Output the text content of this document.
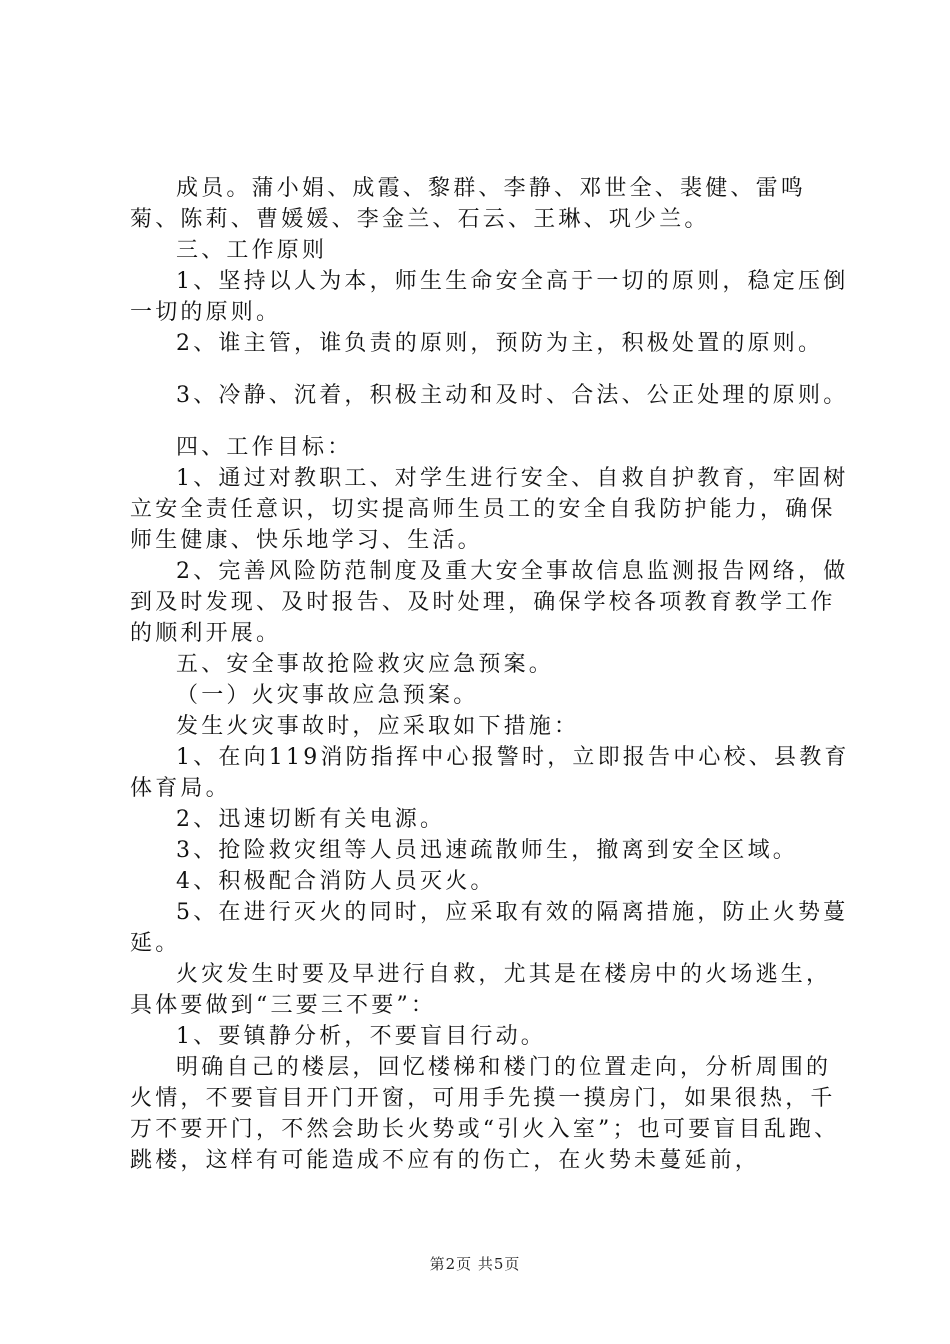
成员。蒲小娟、成霞、黎群、李静、邓世全、裴健、雷鸣菊、陈莉、曹媛媛、李金兰、石云、王琳、巩少兰。

三、工作原则

1、坚持以人为本，师生生命安全高于一切的原则，稳定压倒一切的原则。

2、谁主管，谁负责的原则，预防为主，积极处置的原则。

3、冷静、沉着，积极主动和及时、合法、公正处理的原则。

四、工作目标：

1、通过对教职工、对学生进行安全、自救自护教育，牢固树立安全责任意识，切实提高师生员工的安全自我防护能力，确保师生健康、快乐地学习、生活。

2、完善风险防范制度及重大安全事故信息监测报告网络，做到及时发现、及时报告、及时处理，确保学校各项教育教学工作的顺利开展。

五、安全事故抢险救灾应急预案。

（一）火灾事故应急预案。

发生火灾事故时，应采取如下措施：

1、在向119消防指挥中心报警时，立即报告中心校、县教育体育局。

2、迅速切断有关电源。

3、抢险救灾组等人员迅速疏散师生，撤离到安全区域。

4、积极配合消防人员灭火。

5、在进行灭火的同时，应采取有效的隔离措施，防止火势蔓延。

火灾发生时要及早进行自救，尤其是在楼房中的火场逃生，具体要做到“三要三不要”：

1、要镇静分析，不要盲目行动。

明确自己的楼层，回忆楼梯和楼门的位置走向，分析周围的火情，不要盲目开门开窗，可用手先摸一摸房门，如果很热，千万不要开门，不然会助长火势或“引火入室”；也可要盲目乱跑、跳楼，这样有可能造成不应有的伤亡，在火势未蔓延前，

第2页 共5页
